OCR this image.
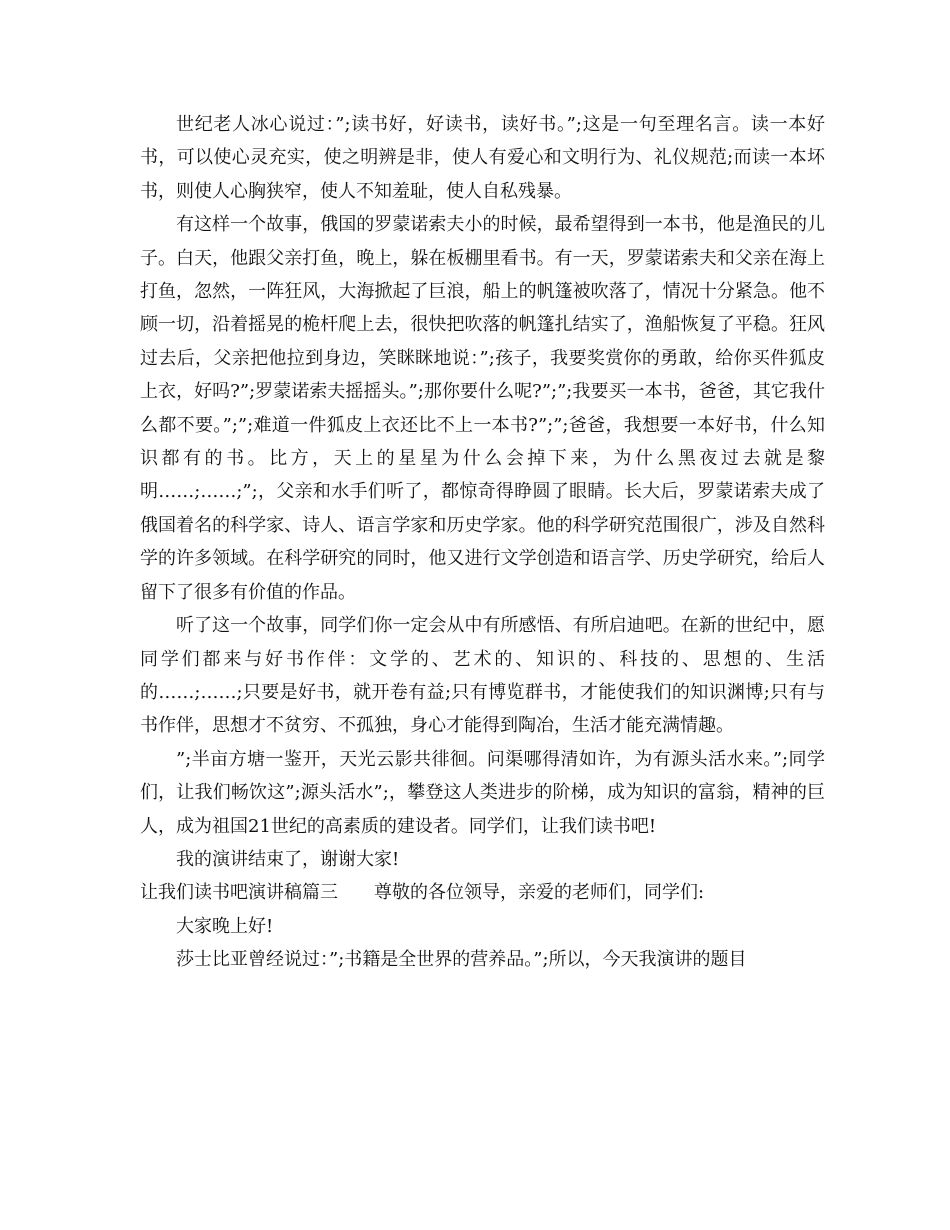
世纪老人冰心说过：”;读书好，好读书，读好书。”;这是一句至理名言。读一本好书，可以使心灵充实，使之明辨是非，使人有爱心和文明行为、礼仪规范;而读一本坏书，则使人心胸狭窄，使人不知羞耻，使人自私残暴。

有这样一个故事，俄国的罗蒙诺索夫小的时候，最希望得到一本书，他是渔民的儿子。白天，他跟父亲打鱼，晚上，躲在板棚里看书。有一天，罗蒙诺索夫和父亲在海上打鱼，忽然，一阵狂风，大海掀起了巨浪，船上的帆篷被吹落了，情况十分紧急。他不顾一切，沿着摇晃的桅杆爬上去，很快把吹落的帆篷扎结实了，渔船恢复了平稳。狂风过去后，父亲把他拉到身边，笑眯眯地说：”;孩子，我要奖赏你的勇敢，给你买件狐皮上衣，好吗?”;罗蒙诺索夫摇摇头。”;那你要什么呢?”;”;我要买一本书，爸爸，其它我什么都不要。”;”;难道一件狐皮上衣还比不上一本书?”;”;爸爸，我想要一本好书，什么知识都有的书。比方，天上的星星为什么会掉下来，为什么黑夜过去就是黎明……;……;”;，父亲和水手们听了，都惊奇得睁圆了眼睛。长大后，罗蒙诺索夫成了俄国着名的科学家、诗人、语言学家和历史学家。他的科学研究范围很广，涉及自然科学的许多领域。在科学研究的同时，他又进行文学创造和语言学、历史学研究，给后人留下了很多有价值的作品。

听了这一个故事，同学们你一定会从中有所感悟、有所启迪吧。在新的世纪中，愿同学们都来与好书作伴：文学的、艺术的、知识的、科技的、思想的、生活的……;……;只要是好书，就开卷有益;只有博览群书，才能使我们的知识渊博;只有与书作伴，思想才不贫穷、不孤独，身心才能得到陶冶，生活才能充满情趣。

”;半亩方塘一鉴开，天光云影共徘徊。问渠哪得清如许，为有源头活水来。”;同学们，让我们畅饮这”;源头活水”;，攀登这人类进步的阶梯，成为知识的富翁，精神的巨人，成为祖国21世纪的高素质的建设者。同学们，让我们读书吧!

我的演讲结束了，谢谢大家!

让我们读书吧演讲稿篇三 尊敬的各位领导，亲爱的老师们，同学们:

大家晚上好!

莎士比亚曾经说过：”;书籍是全世界的营养品。”;所以，今天我演讲的题目
